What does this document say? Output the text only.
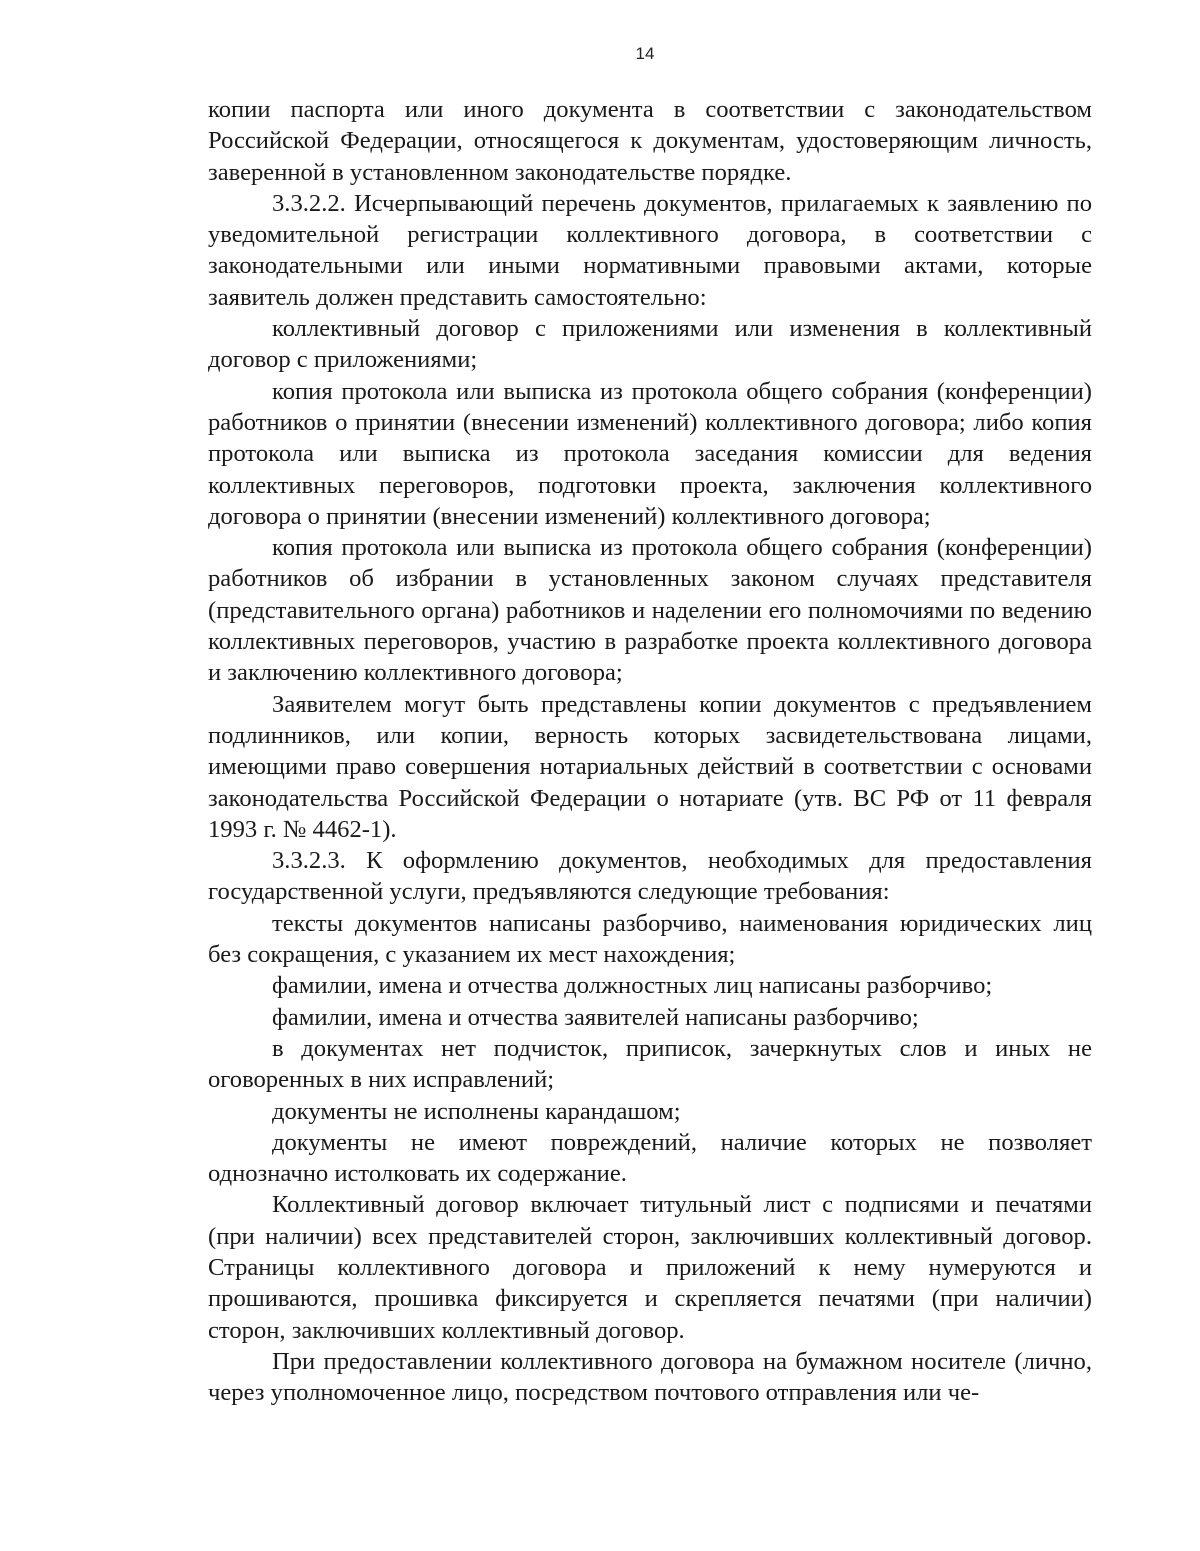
14

копии паспорта или иного документа в соответствии с законодательством Российской Федерации, относящегося к документам, удостоверяющим личность, заверенной в установленном законодательстве порядке.

3.3.2.2. Исчерпывающий перечень документов, прилагаемых к заявлению по уведомительной регистрации коллективного договора, в соответствии с законодательными или иными нормативными правовыми актами, которые заявитель должен представить самостоятельно:

коллективный договор с приложениями или изменения в коллективный договор с приложениями;

копия протокола или выписка из протокола общего собрания (конференции) работников о принятии (внесении изменений) коллективного договора; либо копия протокола или выписка из протокола заседания комиссии для ведения коллективных переговоров, подготовки проекта, заключения коллективного договора о принятии (внесении изменений) коллективного договора;

копия протокола или выписка из протокола общего собрания (конференции) работников об избрании в установленных законом случаях представителя (представительного органа) работников и наделении его полномочиями по ведению коллективных переговоров, участию в разработке проекта коллективного договора и заключению коллективного договора;

Заявителем могут быть представлены копии документов с предъявлением подлинников, или копии, верность которых засвидетельствована лицами, имеющими право совершения нотариальных действий в соответствии с основами законодательства Российской Федерации о нотариате (утв. ВС РФ от 11 февраля 1993 г. № 4462-1).

3.3.2.3. К оформлению документов, необходимых для предоставления государственной услуги, предъявляются следующие требования:

тексты документов написаны разборчиво, наименования юридических лиц без сокращения, с указанием их мест нахождения;

фамилии, имена и отчества должностных лиц написаны разборчиво;

фамилии, имена и отчества заявителей написаны разборчиво;

в документах нет подчисток, приписок, зачеркнутых слов и иных не оговоренных в них исправлений;

документы не исполнены карандашом;

документы не имеют повреждений, наличие которых не позволяет однозначно истолковать их содержание.

Коллективный договор включает титульный лист с подписями и печатями (при наличии) всех представителей сторон, заключивших коллективный договор. Страницы коллективного договора и приложений к нему нумеруются и прошиваются, прошивка фиксируется и скрепляется печатями (при наличии) сторон, заключивших коллективный договор.

При предоставлении коллективного договора на бумажном носителе (лично, через уполномоченное лицо, посредством почтового отправления или че-
